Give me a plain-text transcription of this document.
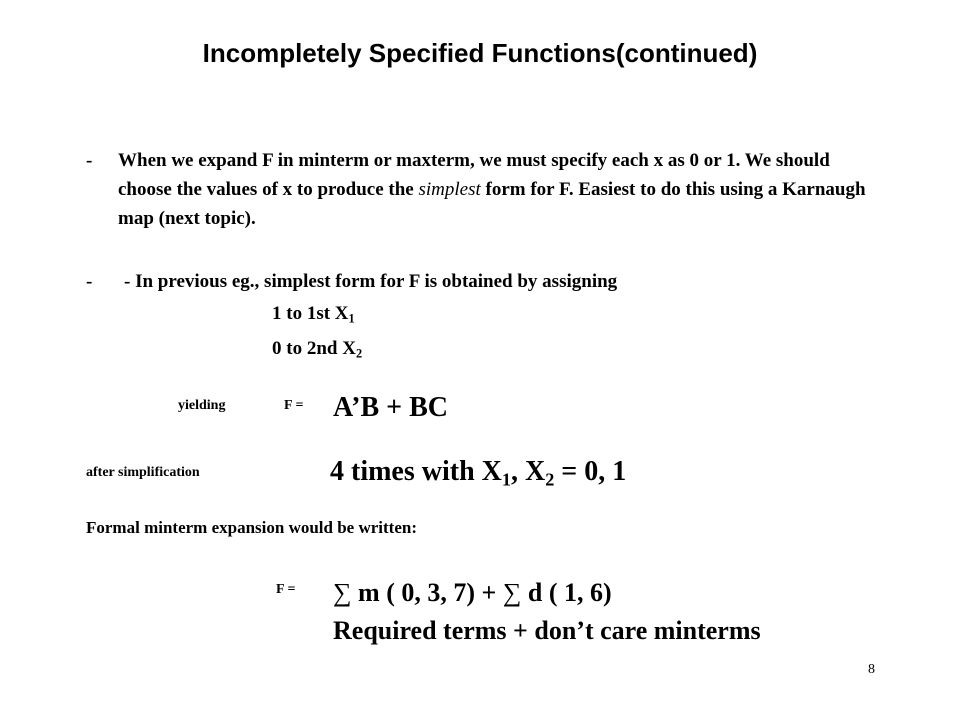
Incompletely Specified Functions(continued)
- When we expand F in minterm or maxterm, we must specify each x as 0 or 1. We should choose the values of x to produce the simplest form for F. Easiest to do this using a Karnaugh map (next topic).
- - In previous eg., simplest form for F is obtained by assigning
1 to 1st $X_1$
0 to 2nd $X_2$
yielding	F = A’B + BC
after simplification	4 times with $X_1$, $X_2 = 0$, 1
Formal minterm expansion would be written:
F = ∑ m ( 0, 3, 7) + ∑ d ( 1, 6)
Required terms + don’t care minterms
8
